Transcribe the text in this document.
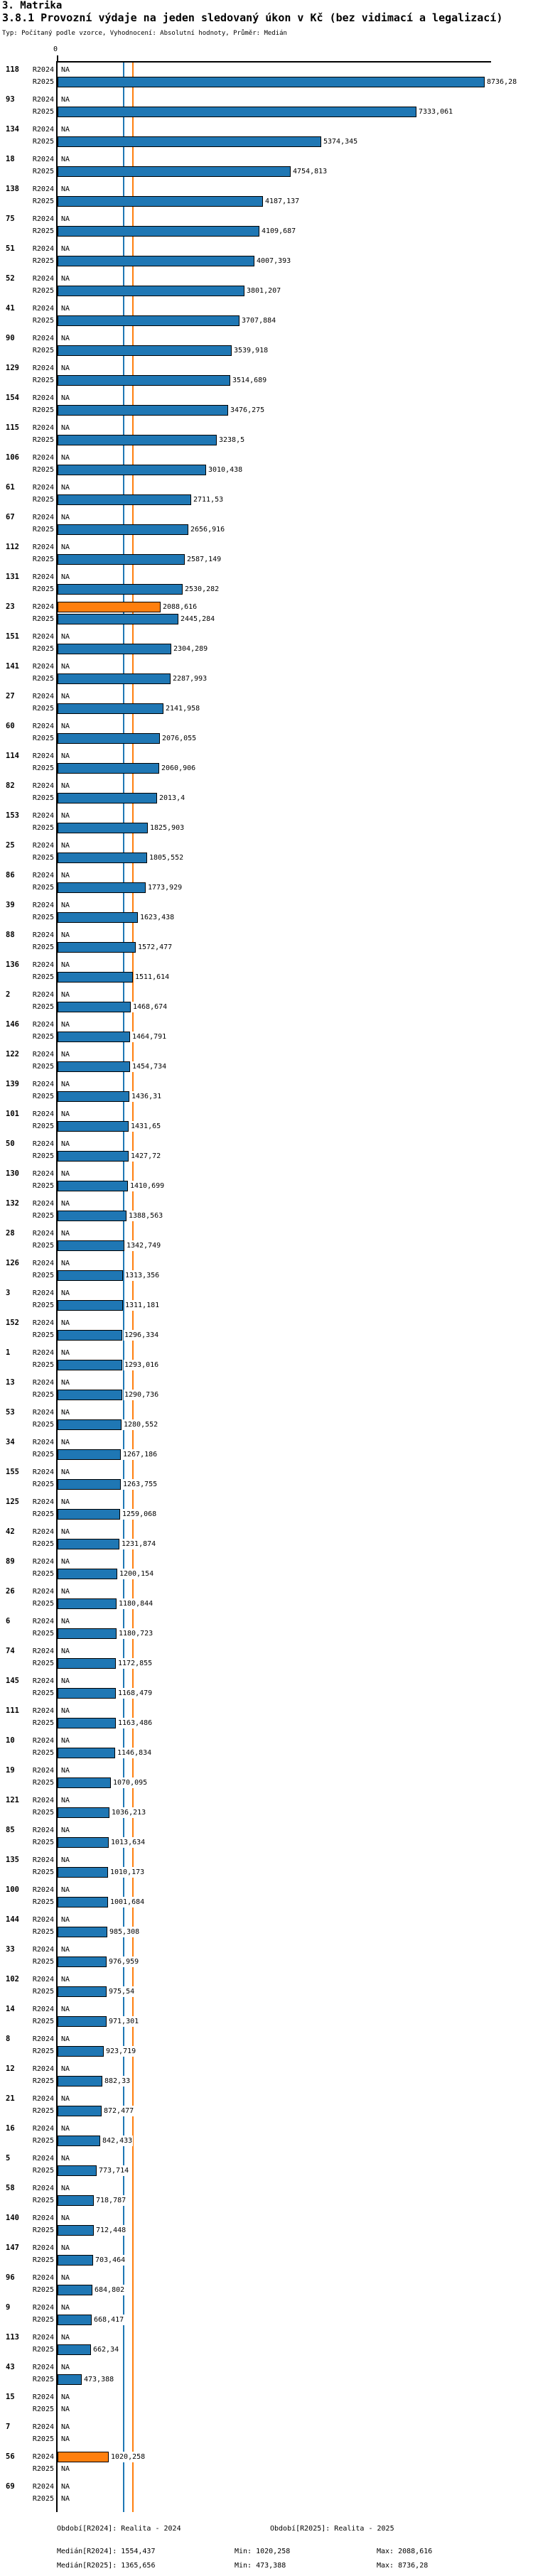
3. Matrika
3.8.1 Provozní výdaje na jeden sledovaný úkon v Kč (bez vidimací a legalizací)
Typ: Počítaný podle vzorce, Vyhodnocení: Absolutní hodnoty, Průměr: Medián
0
118	R2024 NA
R2025	8736,28
93	R2024 NA
R2025	7333,061
134	R2024 NA
R2025	5374,345
18	R2024 NA
R2025	4754,813
138	R2024 NA
R2025	4187,137
75	R2024 NA
R2025	4109,687
51	R2024 NA
R2025	4007,393
52	R2024 NA
R2025	3801,207
41	R2024 NA
R2025	3707,884
90	R2024 NA
R2025	3539,918
129	R2024 NA
R2025	3514,689
154	R2024 NA
R2025	3476,275
115	R2024 NA
R2025	3238,5
106	R2024 NA
R2025	3010,438
61	R2024 NA
R2025	2711,53
67	R2024 NA
R2025	2656,916
112	R2024 NA
R2025	2587,149
131	R2024 NA
R2025	2530,282
23	R2024	2088,616
R2025	2445,284
151	R2024 NA
R2025	2304,289
141	R2024 NA
R2025	2287,993
27	R2024 NA
R2025	2141,958
60	R2024 NA
R2025	2076,055
114	R2024 NA
R2025	2060,906
82	R2024 NA
R2025	2013,4
153	R2024 NA
R2025	1825,903
25	R2024 NA
R2025	1805,552
86	R2024 NA
R2025	1773,929
39	R2024 NA
R2025	1623,438
88	R2024 NA
R2025	1572,477
136	R2024 NA
R2025	1511,614
2	R2024 NA
R2025	1468,674
146	R2024 NA
R2025	1464,791
122	R2024 NA
R2025	1454,734
139	R2024 NA
R2025	1436,31
101	R2024 NA
R2025	1431,65
50	R2024 NA
R2025	1427,72
130	R2024 NA
R2025	1410,699
132	R2024 NA
R2025	1388,563
28	R2024 NA
R2025	1342,749
126	R2024 NA
R2025	1313,356
3	R2024 NA
R2025	1311,181
152	R2024 NA
R2025	1296,334
1	R2024 NA
R2025	1293,016
13	R2024 NA
R2025	1290,736
53	R2024 NA
R2025	1280,552
34	R2024 NA
R2025	1267,186
155	R2024 NA
R2025	1263,755
125	R2024 NA
R2025	1259,068
42	R2024 NA
R2025	1231,874
89	R2024 NA
R2025	1200,154
26	R2024 NA
R2025	1180,844
6	R2024 NA
R2025	1180,723
74	R2024 NA
R2025	1172,855
145	R2024 NA
R2025	1168,479
111	R2024 NA
R2025	1163,486
10	R2024 NA
R2025	1146,834
19	R2024 NA
R2025	1070,095
121	R2024 NA
R2025	1036,213
85	R2024 NA
R2025	1013,634
135	R2024 NA
R2025	1010,173
100	R2024 NA
R2025	1001,684
144	R2024 NA
R2025	985,308
33	R2024 NA
R2025	976,959
102	R2024 NA
R2025	975,54
14	R2024 NA
R2025	971,301
8	R2024 NA
R2025	923,719
12	R2024 NA
R2025	882,33
21	R2024 NA
R2025	872,477
16	R2024 NA
R2025	842,433
5	R2024 NA
R2025	773,714
58	R2024 NA
R2025	718,787
140	R2024 NA
R2025	712,448
147	R2024 NA
R2025	703,464
96	R2024 NA
R2025	684,802
9	R2024 NA
R2025	668,417
113	R2024 NA
R2025	662,34
43	R2024 NA
R2025	473,388
15	R2024 NA
R2025 NA
7	R2024 NA
R2025 NA
56	R2024	1020,258
R2025 NA
69	R2024 NA
R2025 NA
Období[R2024]: Realita - 2024	Období[R2025]: Realita - 2025
Medián[R2024]: 1554,437	Min: 1020,258	Max: 2088,616
Medián[R2025]: 1365,656	Min: 473,388	Max: 8736,28
